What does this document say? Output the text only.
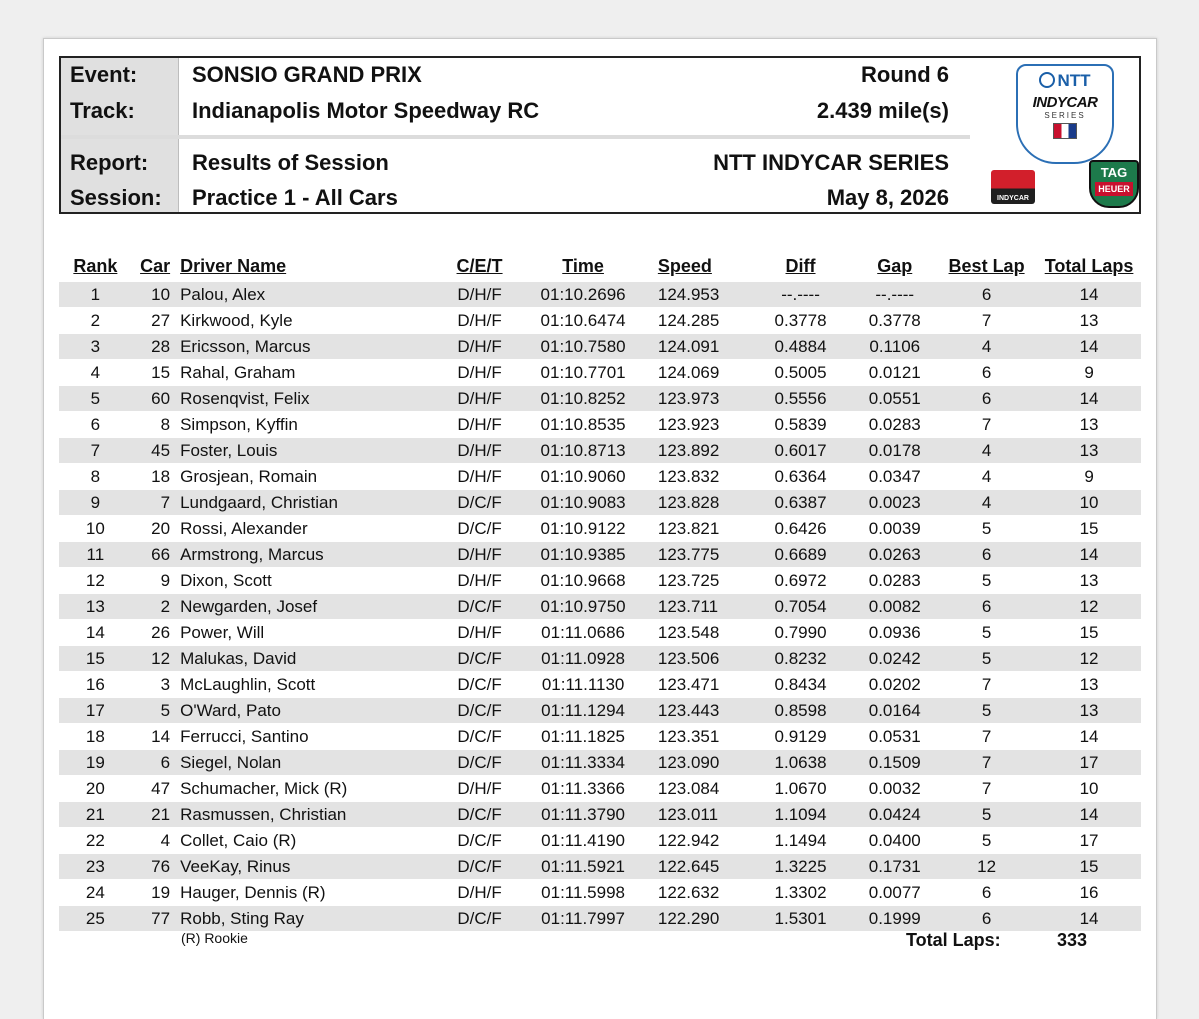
Event: SONSIO GRAND PRIX	Round 6
Track:	Indianapolis Motor Speedway RC	2.439 mile(s)
Report: Results of Session	NTT INDYCAR SERIES
Session: Practice 1 - All Cars	May 8, 2026
NTT
INDYCAR
SERIES
INDYCAR
TAG
HEUER
Rank	Car	Driver Name	C/E/T	Time	Speed	Diff	Gap	Best Lap	Total Laps
1	10	Palou, Alex	D/H/F	01:10.2696	124.953	--.----	--.----	6	14
2	27	Kirkwood, Kyle	D/H/F	01:10.6474	124.285	0.3778	0.3778	7	13
3	28	Ericsson, Marcus	D/H/F	01:10.7580	124.091	0.4884	0.1106	4	14
4	15	Rahal, Graham	D/H/F	01:10.7701	124.069	0.5005	0.0121	6	9
5	60	Rosenqvist, Felix	D/H/F	01:10.8252	123.973	0.5556	0.0551	6	14
6	8	Simpson, Kyffin	D/H/F	01:10.8535	123.923	0.5839	0.0283	7	13
7	45	Foster, Louis	D/H/F	01:10.8713	123.892	0.6017	0.0178	4	13
8	18	Grosjean, Romain	D/H/F	01:10.9060	123.832	0.6364	0.0347	4	9
9	7	Lundgaard, Christian	D/C/F	01:10.9083	123.828	0.6387	0.0023	4	10
10	20	Rossi, Alexander	D/C/F	01:10.9122	123.821	0.6426	0.0039	5	15
11	66	Armstrong, Marcus	D/H/F	01:10.9385	123.775	0.6689	0.0263	6	14
12	9	Dixon, Scott	D/H/F	01:10.9668	123.725	0.6972	0.0283	5	13
13	2	Newgarden, Josef	D/C/F	01:10.9750	123.711	0.7054	0.0082	6	12
14	26	Power, Will	D/H/F	01:11.0686	123.548	0.7990	0.0936	5	15
15	12	Malukas, David	D/C/F	01:11.0928	123.506	0.8232	0.0242	5	12
16	3	McLaughlin, Scott	D/C/F	01:11.1130	123.471	0.8434	0.0202	7	13
17	5	O'Ward, Pato	D/C/F	01:11.1294	123.443	0.8598	0.0164	5	13
18	14	Ferrucci, Santino	D/C/F	01:11.1825	123.351	0.9129	0.0531	7	14
19	6	Siegel, Nolan	D/C/F	01:11.3334	123.090	1.0638	0.1509	7	17
20	47	Schumacher, Mick (R)	D/H/F	01:11.3366	123.084	1.0670	0.0032	7	10
21	21	Rasmussen, Christian	D/C/F	01:11.3790	123.011	1.1094	0.0424	5	14
22	4	Collet, Caio (R)	D/C/F	01:11.4190	122.942	1.1494	0.0400	5	17
23	76	VeeKay, Rinus	D/C/F	01:11.5921	122.645	1.3225	0.1731	12	15
24	19	Hauger, Dennis (R)	D/H/F	01:11.5998	122.632	1.3302	0.0077	6	16
25	77	Robb, Sting Ray	D/C/F	01:11.7997	122.290	1.5301	0.1999	6	14
(R) Rookie	Total Laps:	333
